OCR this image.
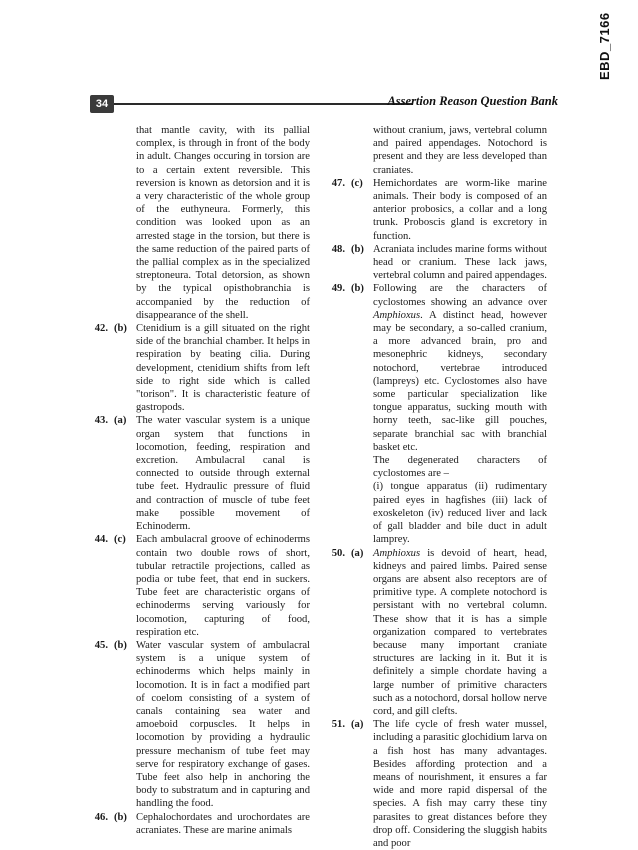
EBD_7166
34	Assertion Reason Question Bank

that mantle cavity, with its pallial complex, is through in front of the body in adult. Changes occuring in torsion are to a certain extent reversible. This reversion is known as detorsion and it is a very characteristic of the whole group of the euthyneura. Formerly, this condition was looked upon as an arrested stage in the torsion, but there is the same reduction of the paired parts of the pallial complex as in the specialized streptoneura. Total detorsion, as shown by the typical opisthobranchia is accompanied by the reduction of disappearance of the shell.

42. (b) Ctenidium is a gill situated on the right side of the branchial chamber. It helps in respiration by beating cilia. During development, ctenidium shifts from left side to right side which is called "torison". It is characteristic feature of gastropods.

43. (a) The water vascular system is a unique organ system that functions in locomotion, feeding, respiration and excretion. Ambulacral canal is connected to outside through external tube feet. Hydraulic pressure of fluid and contraction of muscle of tube feet make possible movement of Echinoderm.

44. (c) Each ambulacral groove of echinoderms contain two double rows of short, tubular retractile projections, called as podia or tube feet, that end in suckers. Tube feet are characteristic organs of echinoderms serving variously for locomotion, capturing of food, respiration etc.

45. (b) Water vascular system of ambulacral system is a unique system of echinoderms which helps mainly in locomotion. It is in fact a modified part of coelom consisting of a system of canals containing sea water and amoeboid corpuscles. It helps in locomotion by providing a hydraulic pressure mechanism of tube feet may serve for respiratory exchange of gases. Tube feet also help in anchoring the body to substratum and in capturing and handling the food.

46. (b) Cephalochordates and urochordates are acraniates. These are marine animals

without cranium, jaws, vertebral column and paired appendages. Notochord is present and they are less developed than craniates.

47. (c) Hemichordates are worm-like marine animals. Their body is composed of an anterior probosics, a collar and a long trunk. Proboscis gland is excretory in function.

48. (b) Acraniata includes marine forms without head or cranium. These lack jaws, vertebral column and paired appendages.

49. (b) Following are the characters of cyclostomes showing an advance over Amphioxus. A distinct head, however may be secondary, a so-called cranium, a more advanced brain, pro and mesonephric kidneys, secondary notochord, vertebrae introduced (lampreys) etc. Cyclostomes also have some particular specialization like tongue apparatus, sucking mouth with horny teeth, sac-like gill pouches, separate branchial sac with branchial basket etc.

The degenerated characters of cyclostomes are –

(i) tongue apparatus (ii) rudimentary paired eyes in hagfishes (iii) lack of exoskeleton (iv) reduced liver and lack of gall bladder and bile duct in adult lamprey.

50. (a) Amphioxus is devoid of heart, head, kidneys and paired limbs. Paired sense organs are absent also receptors are of primitive type. A complete notochord is persistant with no vertebral column. These show that it is has a simple organization compared to vertebrates because many important craniate structures are lacking in it. But it is definitely a simple chordate having a large number of primitive characters such as a notochord, dorsal hollow nerve cord, and gill clefts.

51. (a) The life cycle of fresh water mussel, including a parasitic glochidium larva on a fish host has many advantages. Besides affording protection and a means of nourishment, it ensures a far wide and more rapid dispersal of the species. A fish may carry these tiny parasites to great distances before they drop off. Considering the sluggish habits and poor
